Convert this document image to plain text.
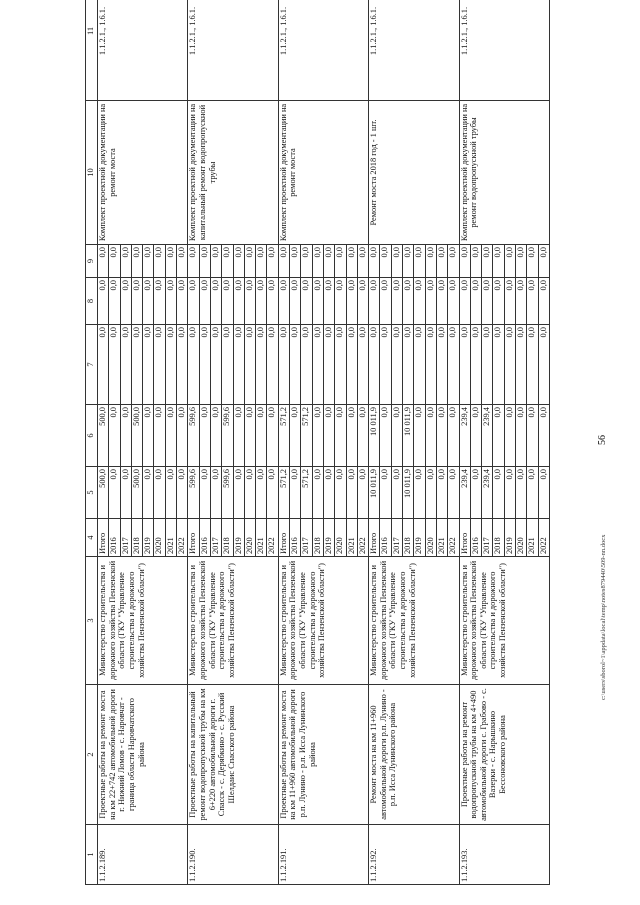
56
1	2	3	4	5	6	7	8	9	10	11
1.1.2.189.	Проектные работы на ремонт моста на км 22+742 автомобильной дороги г. Нижний Ломов - с. Наровчат - граница области Наровчатского района	Министерство строительства и дорожного хозяйства Пензенской области (ГКУ "Управление строительства и дорожного хозяйства Пензенской области")	Итого	500,0	500,0	0,0	0,0	0,0	Комплект проектной документации на ремонт моста	1.1.2.1., 1.6.1.
			2016	0,0	0,0	0,0	0,0	0,0		
			2017	0,0	0,0	0,0	0,0	0,0		
			2018	500,0	500,0	0,0	0,0	0,0		
			2019	0,0	0,0	0,0	0,0	0,0		
			2020	0,0	0,0	0,0	0,0	0,0		
			2021	0,0	0,0	0,0	0,0	0,0		
			2022	0,0	0,0	0,0	0,0	0,0		
1.1.2.190.	Проектные работы на капитальный ремонт водопропускной трубы на км 6+220 автомобильной дороги г. Спасск - с. Дерябкино - с. Русский Шелдаис Спасского района	Министерство строительства и дорожного хозяйства Пензенской области (ГКУ "Управление строительства и дорожного хозяйства Пензенской области")	Итого	599,6	599,6	0,0	0,0	0,0	Комплект проектной документации на капитальный ремонт водопропускной трубы	1.1.2.1., 1.6.1.
			2016	0,0	0,0	0,0	0,0	0,0		
			2017	0,0	0,0	0,0	0,0	0,0		
			2018	599,6	599,6	0,0	0,0	0,0		
			2019	0,0	0,0	0,0	0,0	0,0		
			2020	0,0	0,0	0,0	0,0	0,0		
			2021	0,0	0,0	0,0	0,0	0,0		
			2022	0,0	0,0	0,0	0,0	0,0		
1.1.2.191.	Проектные работы на ремонт моста на км 11+960 автомобильной дороги р.п. Лунино - р.п. Исса Лунинского района	Министерство строительства и дорожного хозяйства Пензенской области (ГКУ "Управление строительства и дорожного хозяйства Пензенской области")	Итого	571,2	571,2	0,0	0,0	0,0	Комплект проектной документации на ремонт моста	1.1.2.1., 1.6.1.
			2016	0,0	0,0	0,0	0,0	0,0		
			2017	571,2	571,2	0,0	0,0	0,0		
			2018	0,0	0,0	0,0	0,0	0,0		
			2019	0,0	0,0	0,0	0,0	0,0		
			2020	0,0	0,0	0,0	0,0	0,0		
			2021	0,0	0,0	0,0	0,0	0,0		
			2022	0,0	0,0	0,0	0,0	0,0		
1.1.2.192.	Ремонт моста на км 11+960 автомобильной дороги р.п. Лунино - р.п. Исса Лунинского района	Министерство строительства и дорожного хозяйства Пензенской области (ГКУ "Управление строительства и дорожного хозяйства Пензенской области")	Итого	10 011,9	10 011,9	0,0	0,0	0,0	Ремонт моста 2018 год - 1 шт.	1.1.2.1., 1.6.1.
			2016	0,0	0,0	0,0	0,0	0,0		
			2017	0,0	0,0	0,0	0,0	0,0		
			2018	10 011,9	10 011,9	0,0	0,0	0,0		
			2019	0,0	0,0	0,0	0,0	0,0		
			2020	0,0	0,0	0,0	0,0	0,0		
			2021	0,0	0,0	0,0	0,0	0,0		
			2022	0,0	0,0	0,0	0,0	0,0		
1.1.2.193.	Проектные работы на ремонт водопропускной трубы на км 4+490 автомобильной дороги с. Грабово - с. Вазерки - с. Нарышкино Бессоновского района	Министерство строительства и дорожного хозяйства Пензенской области (ГКУ "Управление строительства и дорожного хозяйства Пензенской области")	Итого	239,4	239,4	0,0	0,0	0,0	Комплект проектной документации на ремонт водопропускной трубы	1.1.2.1., 1.6.1.
			2016	0,0	0,0	0,0	0,0	0,0		
			2017	239,4	239,4	0,0	0,0	0,0		
			2018	0,0	0,0	0,0	0,0	0,0		
			2019	0,0	0,0	0,0	0,0	0,0		
			2020	0,0	0,0	0,0	0,0	0,0		
			2021	0,0	0,0	0,0	0,0	0,0		
			2022	0,0	0,0	0,0	0,0	0,0		
c:\users\sborol~1\appdata\local\temp\notes879440\509-nn.docx
